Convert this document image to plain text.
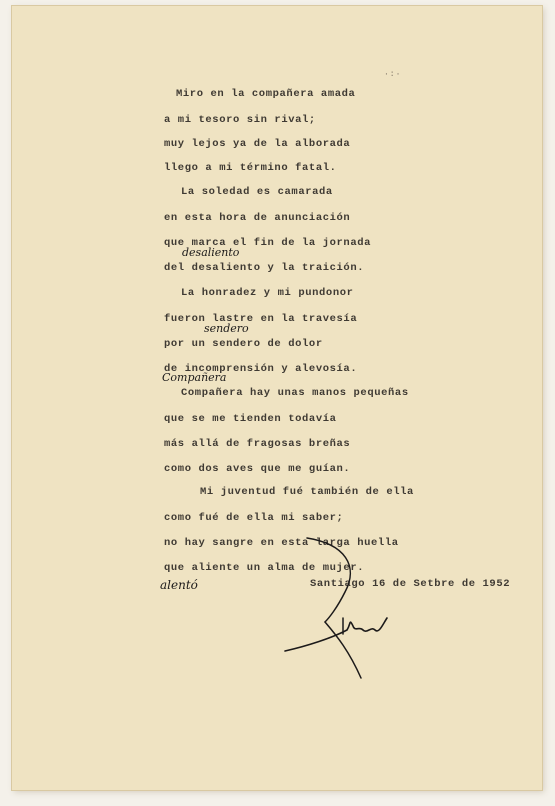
·:·
Miro en la compañera amada
a mi tesoro sin rival;
muy lejos ya de la alborada
llego a mi término fatal.
La soledad es camarada
en esta hora de anunciación
que marca el fin de la jornada
del desaliento y la traición.
La honradez y mi pundonor
fueron lastre en la travesía
por un sendero de dolor
de incomprensión y alevosía.
Compañera hay unas manos pequeñas
que se me tienden todavía
más allá de fragosas breñas
como dos aves que me guían.
Mi juventud fué también de ella
como fué de ella mi saber;
no hay sangre en esta larga huella
que aliente un alma de mujer.
desaliento
sendero
Compañera
alentó	Santiago 16 de Setbre de 1952
